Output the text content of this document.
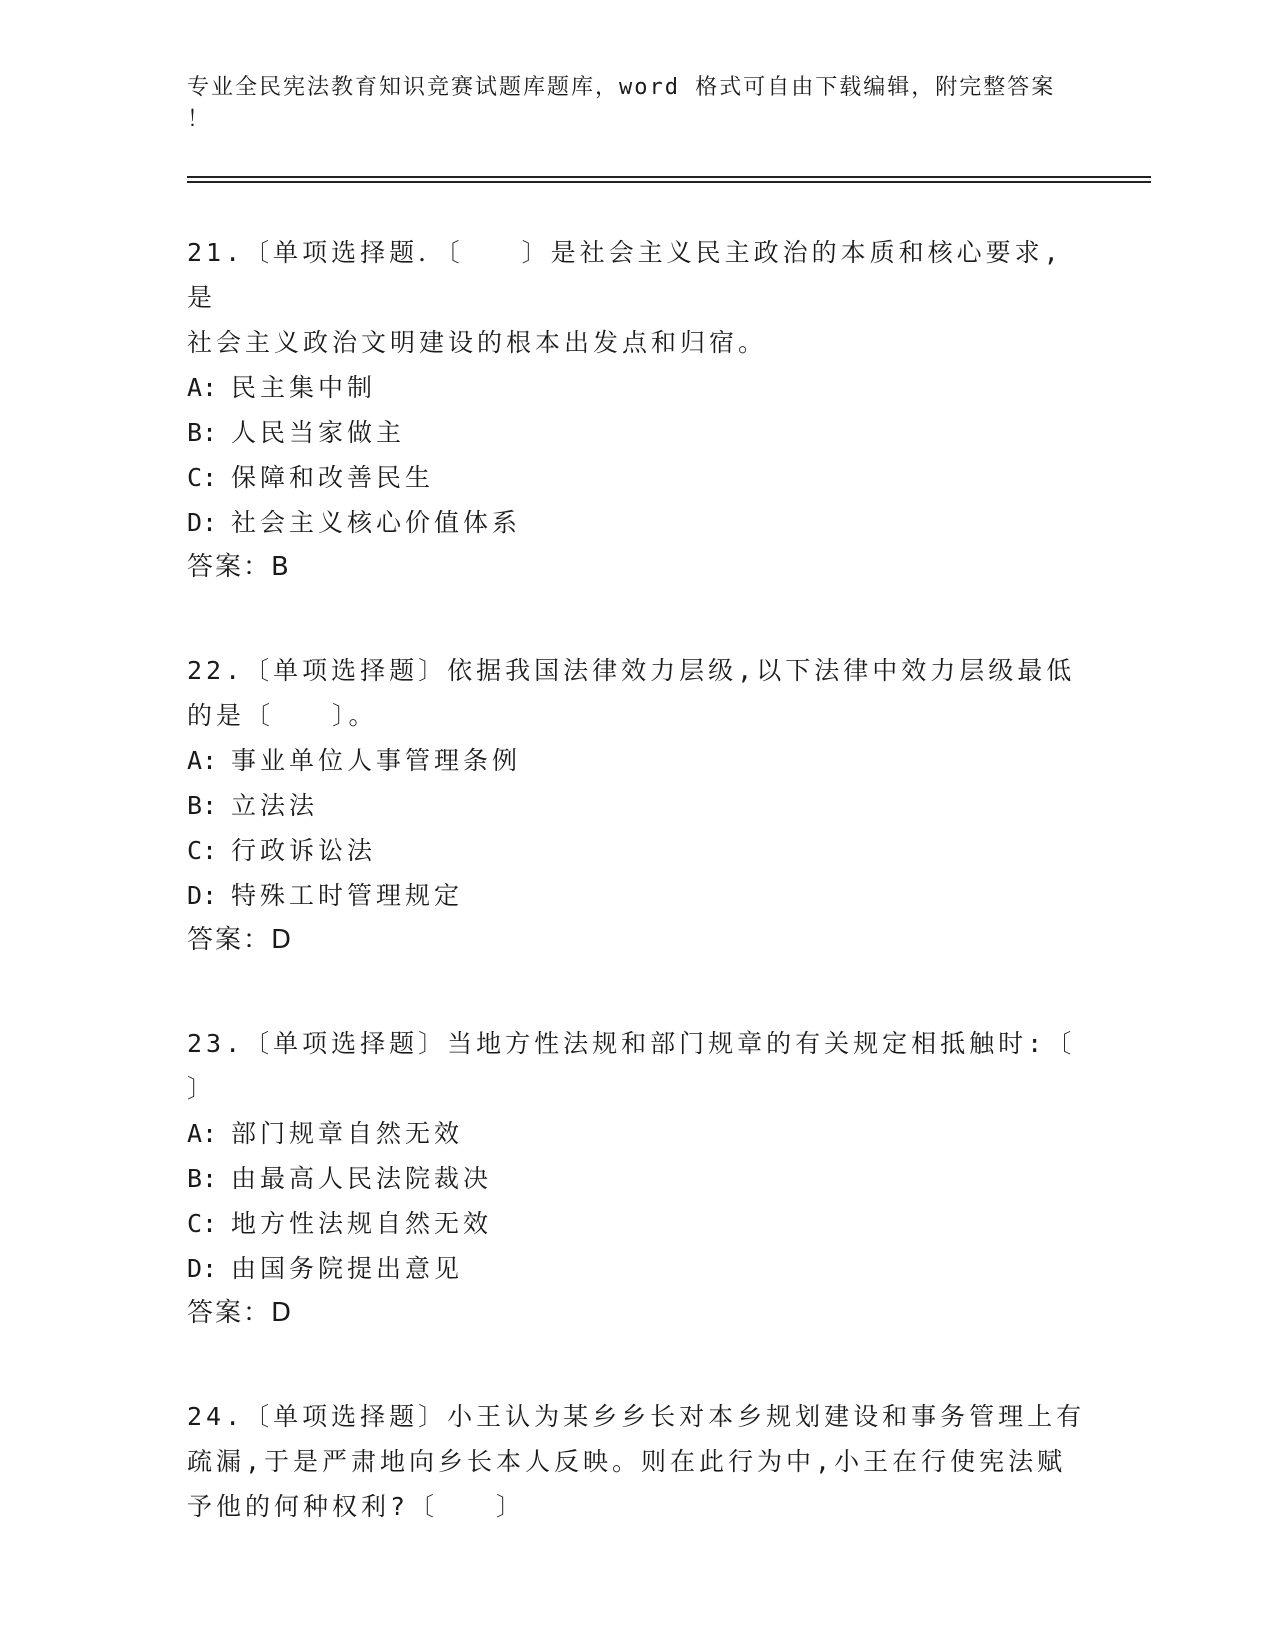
专业全民宪法教育知识竞赛试题库题库，word 格式可自由下载编辑，附完整答案
！
21.〔单项选择题．〔　　〕是社会主义民主政治的本质和核心要求,是
社会主义政治文明建设的根本出发点和归宿。
A: 民主集中制
B: 人民当家做主
C: 保障和改善民生
D: 社会主义核心价值体系
答案：B
22.〔单项选择题〕依据我国法律效力层级,以下法律中效力层级最低
的是〔　　〕。
A: 事业单位人事管理条例
B: 立法法
C: 行政诉讼法
D: 特殊工时管理规定
答案：D
23.〔单项选择题〕当地方性法规和部门规章的有关规定相抵触时:〔
〕
A: 部门规章自然无效
B: 由最高人民法院裁决
C: 地方性法规自然无效
D: 由国务院提出意见
答案：D
24.〔单项选择题〕小王认为某乡乡长对本乡规划建设和事务管理上有
疏漏,于是严肃地向乡长本人反映。则在此行为中,小王在行使宪法赋
予他的何种权利?〔　　〕
